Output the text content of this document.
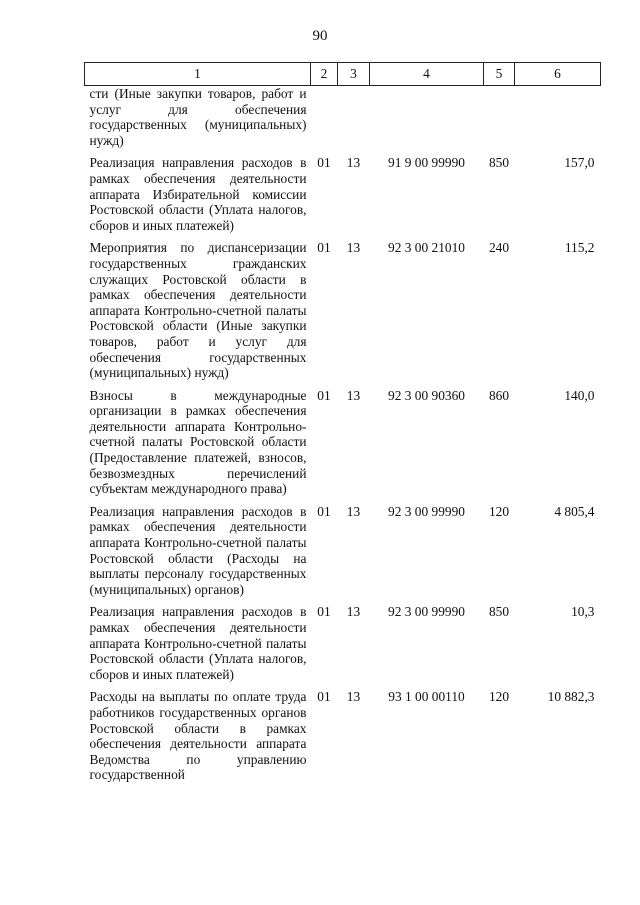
90
1	2	3	4	5	6
сти (Иные закупки товаров, работ и услуг для обеспечения государственных (муниципальных) нужд)					
Реализация направления расходов в рамках обеспечения деятельности аппарата Избирательной комиссии Ростовской области (Уплата налогов, сборов и иных платежей)	01	13	91 9 00 99990	850	157,0
Мероприятия по диспансеризации государственных гражданских служащих Ростовской области в рамках обеспечения деятельности аппарата Контрольно-счетной палаты Ростовской области (Иные закупки товаров, работ и услуг для обеспечения государственных (муниципальных) нужд)	01	13	92 3 00 21010	240	115,2
Взносы в международные организации в рамках обеспечения деятельности аппарата Контрольно-счетной палаты Ростовской области (Предоставление платежей, взносов, безвозмездных перечислений субъектам международного права)	01	13	92 3 00 90360	860	140,0
Реализация направления расходов в рамках обеспечения деятельности аппарата Контрольно-счетной палаты Ростовской области (Расходы на выплаты персоналу государственных (муниципальных) органов)	01	13	92 3 00 99990	120	4 805,4
Реализация направления расходов в рамках обеспечения деятельности аппарата Контрольно-счетной палаты Ростовской области (Уплата налогов, сборов и иных платежей)	01	13	92 3 00 99990	850	10,3
Расходы на выплаты по оплате труда работников государственных органов Ростовской области в рамках обеспечения деятельности аппарата Ведомства по управлению государственной	01	13	93 1 00 00110	120	10 882,3
